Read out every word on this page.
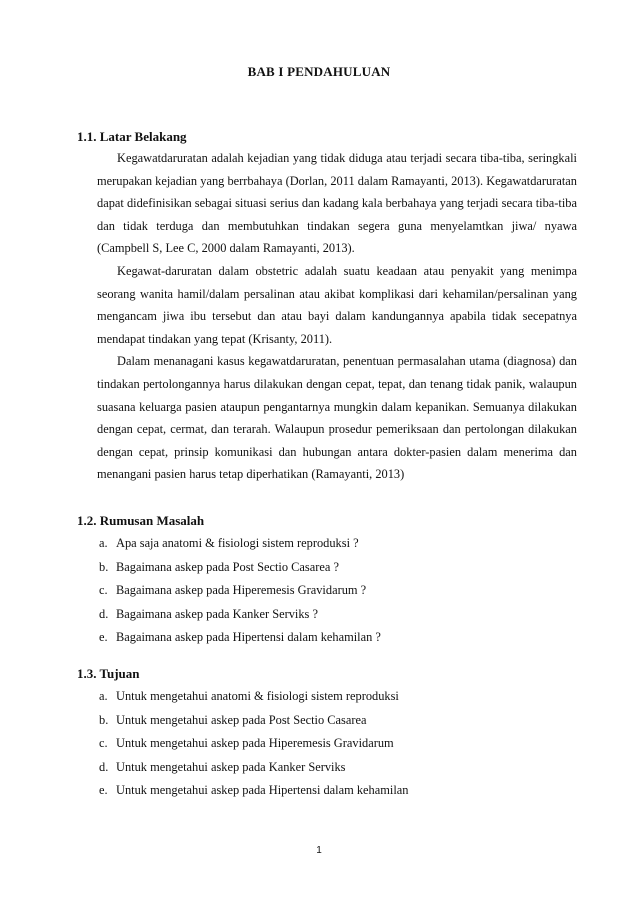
BAB I PENDAHULUAN
1.1. Latar Belakang

Kegawatdaruratan adalah kejadian yang tidak diduga atau terjadi secara tiba-tiba, seringkali merupakan kejadian yang berrbahaya (Dorlan, 2011 dalam Ramayanti, 2013). Kegawatdaruratan dapat didefinisikan sebagai situasi serius dan kadang kala berbahaya yang terjadi secara tiba-tiba dan tidak terduga dan membutuhkan tindakan segera guna menyelamtkan jiwa/ nyawa (Campbell S, Lee C, 2000 dalam Ramayanti, 2013).

Kegawat-daruratan dalam obstetric adalah suatu keadaan atau penyakit yang menimpa seorang wanita hamil/dalam persalinan atau akibat komplikasi dari kehamilan/persalinan yang mengancam jiwa ibu tersebut dan atau bayi dalam kandungannya apabila tidak secepatnya mendapat tindakan yang tepat (Krisanty, 2011).

Dalam menanagani kasus kegawatdaruratan, penentuan permasalahan utama (diagnosa) dan tindakan pertolongannya harus dilakukan dengan cepat, tepat, dan tenang tidak panik, walaupun suasana keluarga pasien ataupun pengantarnya mungkin dalam kepanikan. Semuanya dilakukan dengan cepat, cermat, dan terarah. Walaupun prosedur pemeriksaan dan pertolongan dilakukan dengan cepat, prinsip komunikasi dan hubungan antara dokter-pasien dalam menerima dan menangani pasien harus tetap diperhatikan (Ramayanti, 2013)

1.2. Rumusan Masalah
a. Apa saja anatomi & fisiologi sistem reproduksi ?
b. Bagaimana askep pada Post Sectio Casarea ?
c. Bagaimana askep pada Hiperemesis Gravidarum ?
d. Bagaimana askep pada Kanker Serviks ?
e. Bagaimana askep pada Hipertensi dalam kehamilan ?
1.3. Tujuan
a. Untuk mengetahui anatomi & fisiologi sistem reproduksi
b. Untuk mengetahui askep pada Post Sectio Casarea
c. Untuk mengetahui askep pada Hiperemesis Gravidarum
d. Untuk mengetahui askep pada Kanker Serviks
e. Untuk mengetahui askep pada Hipertensi dalam kehamilan
1
